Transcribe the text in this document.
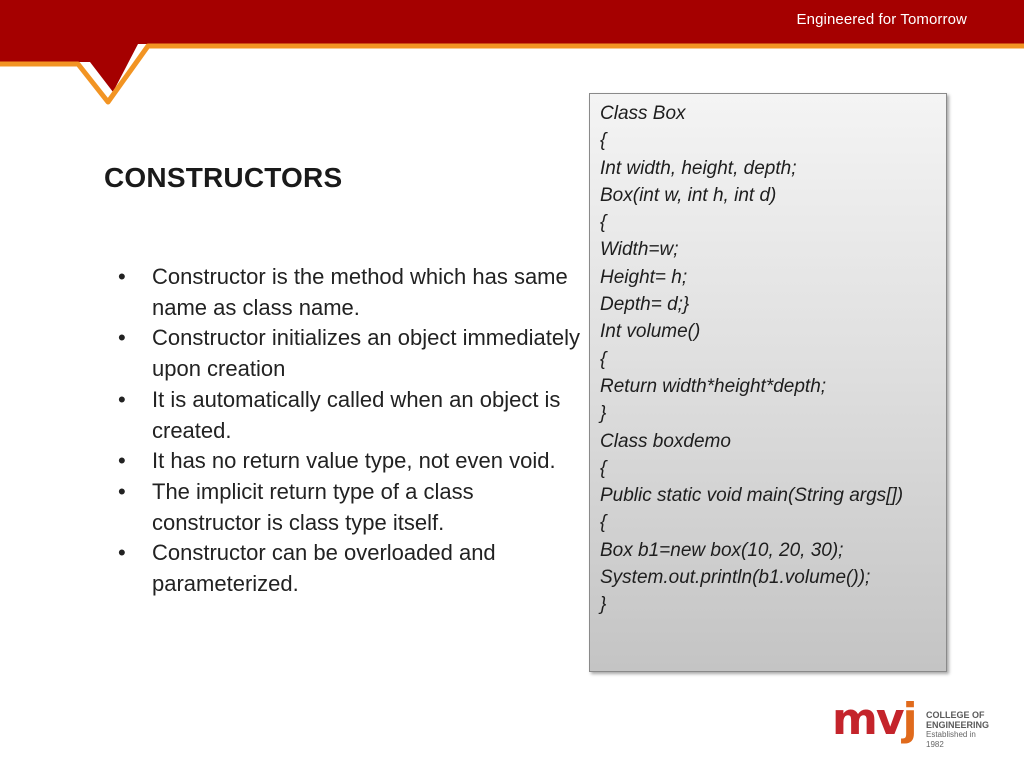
Engineered for Tomorrow
CONSTRUCTORS
• Constructor is the method which has same name as class name.
• Constructor initializes an object immediately upon creation
• It is automatically called when an object is created.
• It has no return value type, not even void.
• The implicit return type of a class constructor is class type itself.
• Constructor can be overloaded and parameterized.
Class Box
{
Int width, height, depth;
Box(int w, int h, int d)
{
Width=w;
Height= h;
Depth= d;}
Int volume()
{
Return width*height*depth;
}
Class boxdemo
{
Public static void main(String args[])
{
Box b1=new box(10, 20, 30);
System.out.println(b1.volume());
}
mvj COLLEGE OF
ENGINEERING
Established in 1982
